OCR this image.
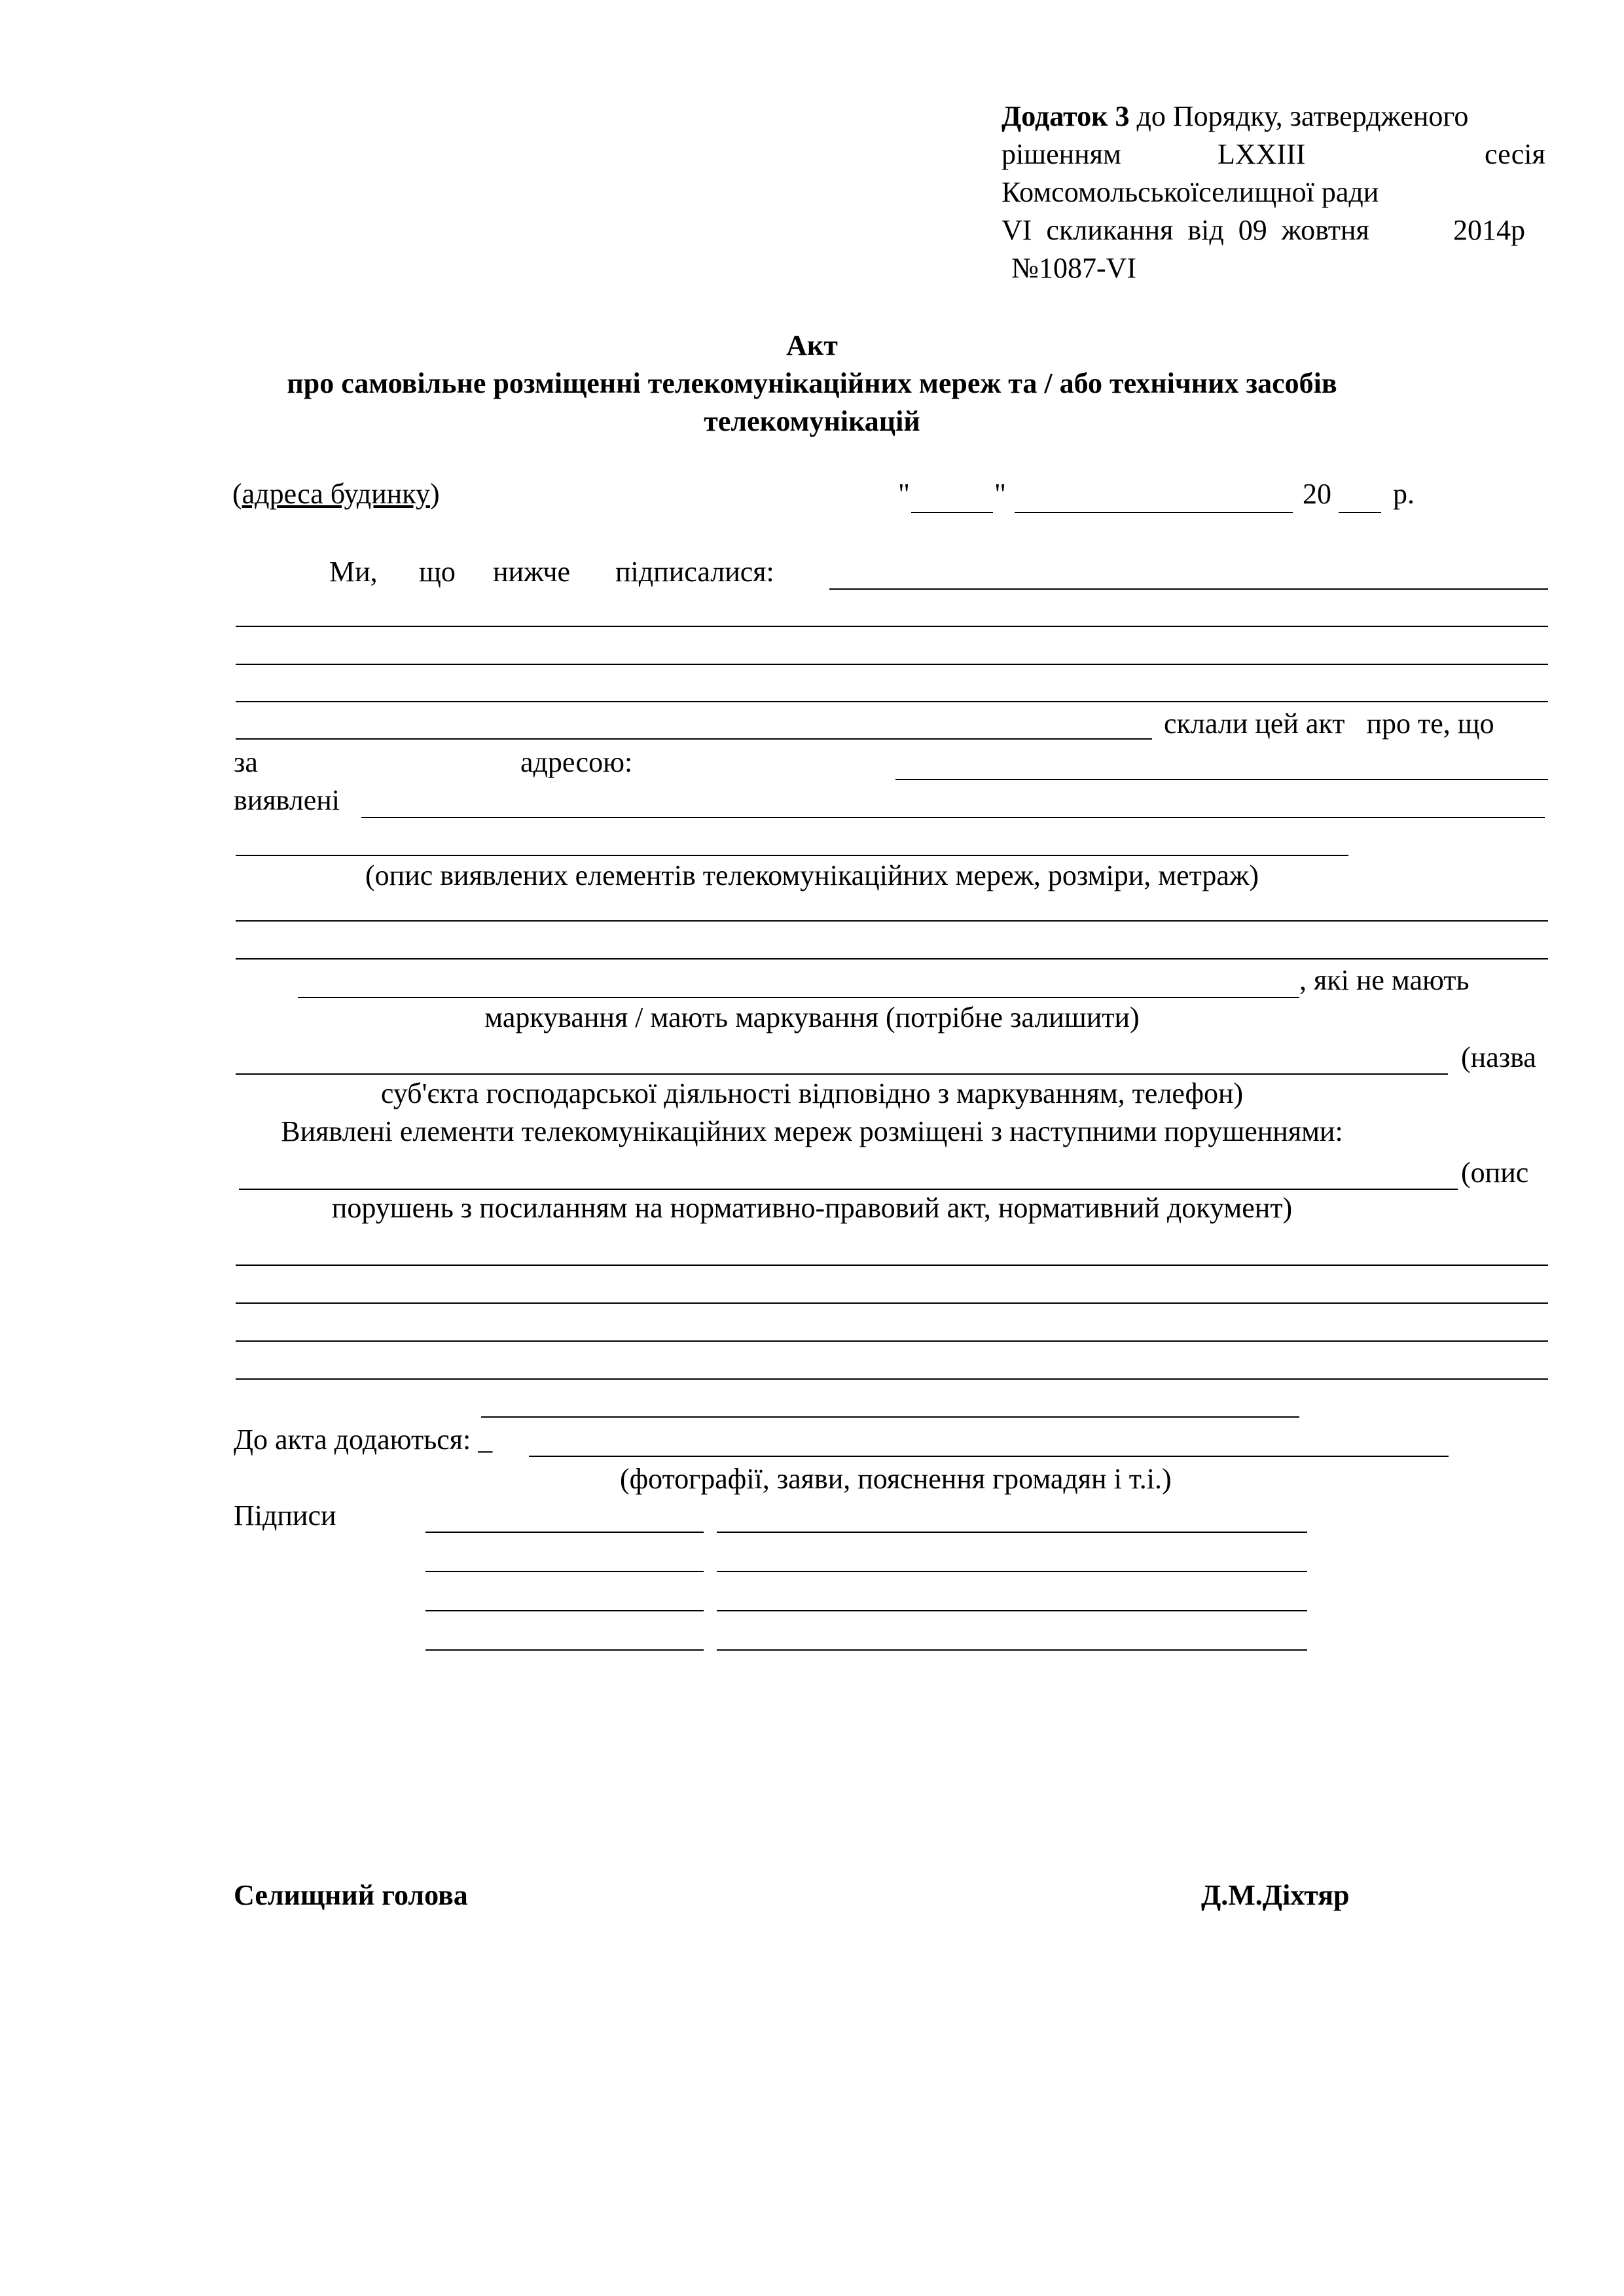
Додаток 3 до Порядку, затвердженого
рішенням	LXXIII	сесія
Комсомольськоїселищної ради
VI  скликання  від  09  жовтня	2014р
№1087-VI
Акт
про самовільне розміщенні телекомунікаційних мереж та / або технічних засобів
телекомунікацій
(адреса будинку)	"	"	20 р.
Ми, що нижче підписалися:
склали цей акт   про те, що
за	адресою:
виявлені
(опис виявлених елементів телекомунікаційних мереж, розміри, метраж)
, які не мають
маркування / мають маркування (потрібне залишити)
(назва
суб'єкта господарської діяльності відповідно з маркуванням, телефон)
Виявлені елементи телекомунікаційних мереж розміщені з наступними порушеннями:
(опис
порушень з посиланням на нормативно-правовий акт, нормативний документ)
До акта додаються: _
(фотографії, заяви, пояснення громадян і т.і.)
Підписи
Селищний голова	Д.М.Діхтяр
